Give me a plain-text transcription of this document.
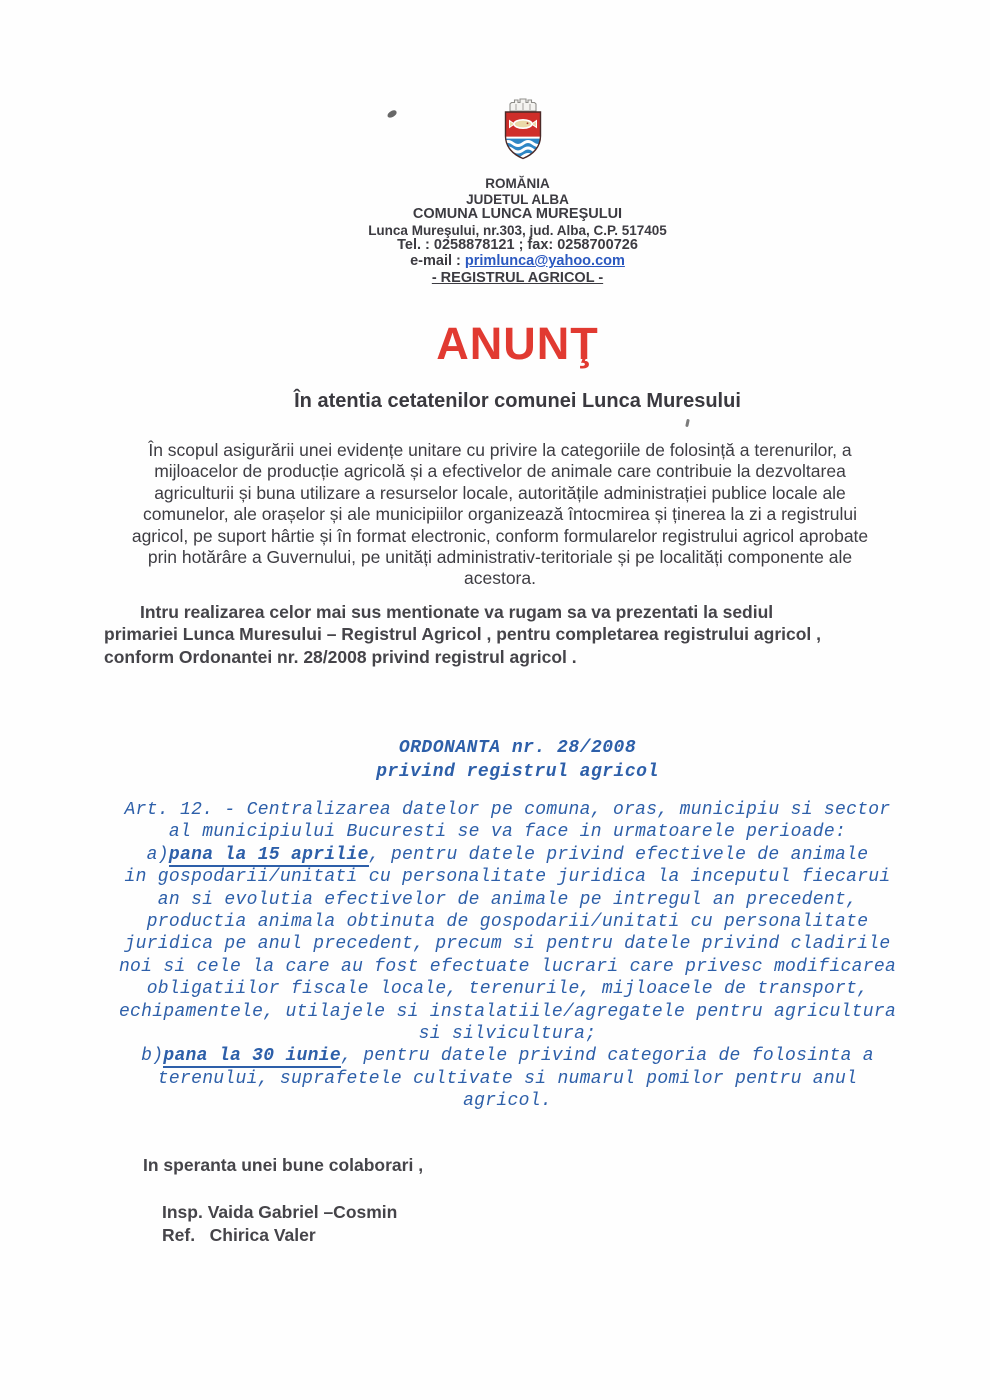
ROMĂNIA
JUDETUL ALBA
COMUNA LUNCA MUREŞULUI
Lunca Mureşului, nr.303, jud. Alba, C.P. 517405
Tel. : 0258878121 ; fax: 0258700726
e-mail : primlunca@yahoo.com
- REGISTRUL AGRICOL -
ANUNŢ
În atentia cetatenilor comunei Lunca Muresului
În scopul asigurării unei evidențe unitare cu privire la categoriile de folosință a terenurilor, a
mijloacelor de producție agricolă și a efectivelor de animale care contribuie la dezvoltarea
agriculturii și buna utilizare a resurselor locale, autoritățile administrației publice locale ale
comunelor, ale orașelor și ale municipiilor organizează întocmirea și ținerea la zi a registrului
agricol, pe suport hârtie și în format electronic, conform formularelor registrului agricol aprobate
prin hotărâre a Guvernului, pe unități administrativ-teritoriale și pe localități componente ale
acestora.
Intru realizarea celor mai sus mentionate va rugam sa va prezentati la sediul
primariei Lunca Muresului – Registrul Agricol , pentru completarea registrului agricol ,
conform Ordonantei nr. 28/2008 privind registrul agricol .
ORDONANTA nr. 28/2008
privind registrul agricol
Art. 12. - Centralizarea datelor pe comuna, oras, municipiu si sector
al municipiului Bucuresti se va face in urmatoarele perioade:
a)pana la 15 aprilie, pentru datele privind efectivele de animale
in gospodarii/unitati cu personalitate juridica la inceputul fiecarui
an si evolutia efectivelor de animale pe intregul an precedent,
productia animala obtinuta de gospodarii/unitati cu personalitate
juridica pe anul precedent, precum si pentru datele privind cladirile
noi si cele la care au fost efectuate lucrari care privesc modificarea
obligatiilor fiscale locale, terenurile, mijloacele de transport,
echipamentele, utilajele si instalatiile/agregatele pentru agricultura
si silvicultura;
b)pana la 30 iunie, pentru datele privind categoria de folosinta a
terenului, suprafetele cultivate si numarul pomilor pentru anul
agricol.
In speranta unei bune colaborari ,
Insp. Vaida Gabriel –Cosmin
Ref.   Chirica Valer
